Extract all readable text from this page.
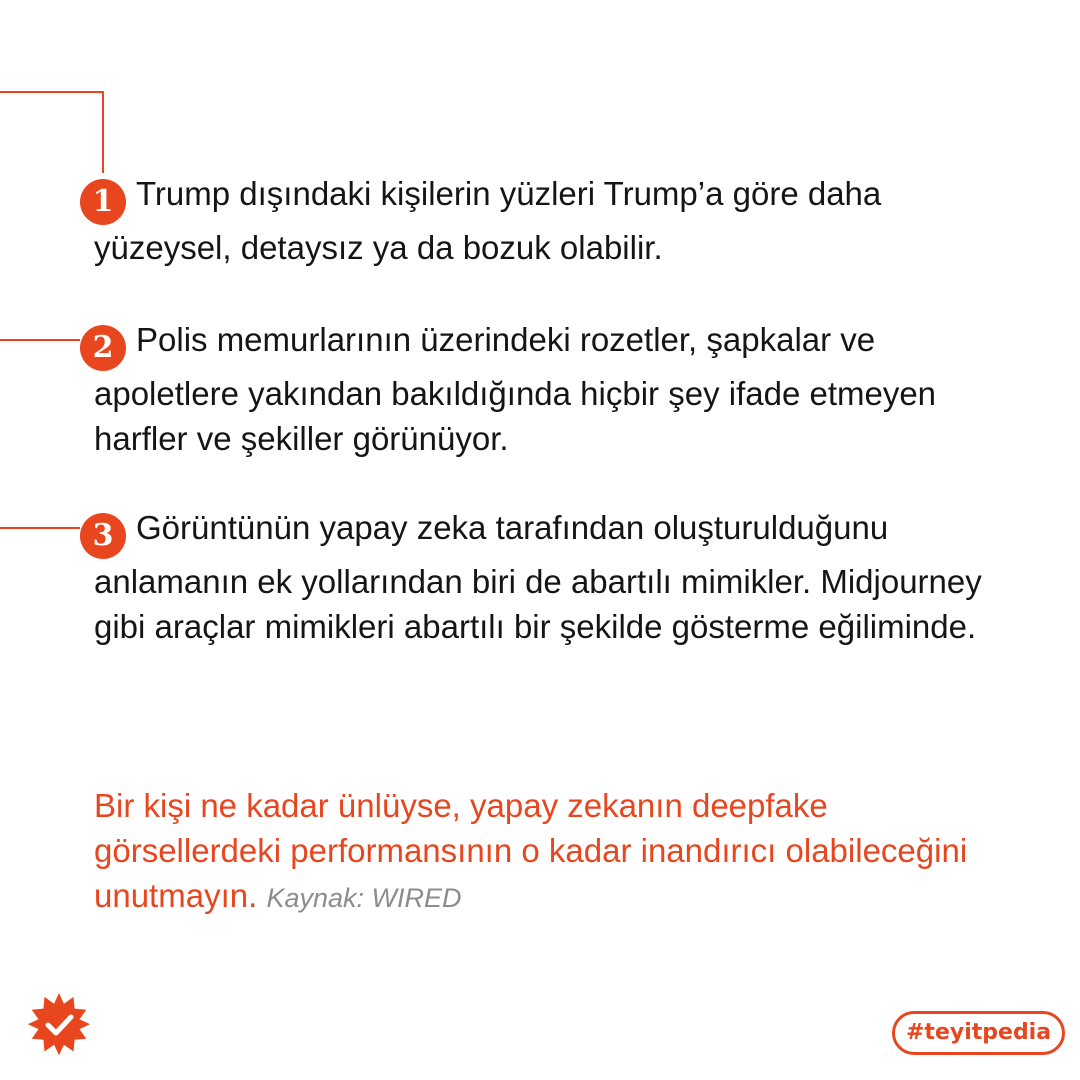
1 Trump dışındaki kişilerin yüzleri Trump’a göre daha yüzeysel, detaysız ya da bozuk olabilir.
2 Polis memurlarının üzerindeki rozetler, şapkalar ve apoletlere yakından bakıldığında hiçbir şey ifade etmeyen harfler ve şekiller görünüyor.
3 Görüntünün yapay zeka tarafından oluşturulduğunu anlamanın ek yollarından biri de abartılı mimikler. Midjourney gibi araçlar mimikleri abartılı bir şekilde gösterme eğiliminde.
Bir kişi ne kadar ünlüyse, yapay zekanın deepfake görsellerdeki performansının o kadar inandırıcı olabileceğini unutmayın. Kaynak: WIRED
#teyitpedia
